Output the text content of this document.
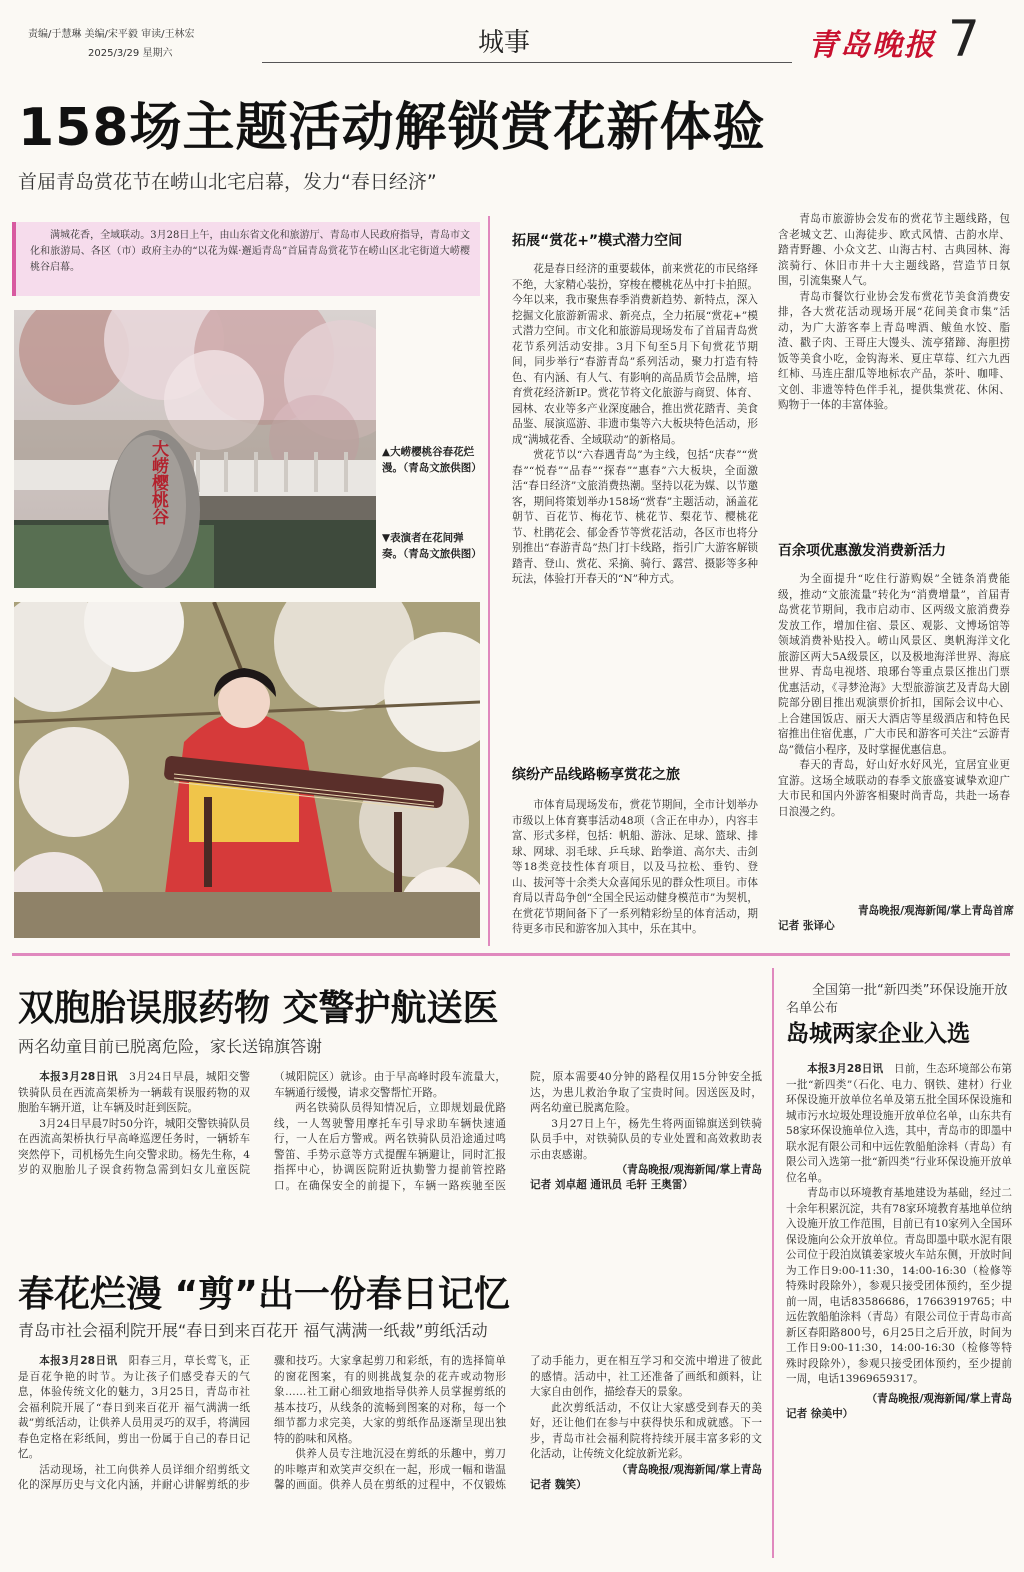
责编/于慧琳 美编/宋平毅 审读/王林宏
2025/3/29 星期六	城事	青岛晚报 7
158场主题活动解锁赏花新体验
首届青岛赏花节在崂山北宅启幕，发力“春日经济”
满城花香，全域联动。3月28日上午，由山东省文化和旅游厅、青岛市人民政府指导，青岛市文化和旅游局、各区（市）政府主办的“以花为媒·邂逅青岛”首届青岛赏花节在崂山区北宅街道大崂樱桃谷启幕。
大崂樱桃谷	▲大崂樱桃谷春花烂漫。（青岛文旅供图）
▼表演者在花间弹奏。（青岛文旅供图）
拓展“赏花+”模式潜力空间

花是春日经济的重要载体，前来赏花的市民络绎不绝，大家精心装扮，穿梭在樱桃花丛中打卡拍照。今年以来，我市聚焦春季消费新趋势、新特点，深入挖掘文化旅游新需求、新亮点，全力拓展“赏花+”模式潜力空间。市文化和旅游局现场发布了首届青岛赏花节系列活动安排。3月下旬至5月下旬赏花节期间，同步举行“春游青岛”系列活动，聚力打造有特色、有内涵、有人气、有影响的高品质节会品牌，培育赏花经济新IP。赏花节将文化旅游与商贸、体育、园林、农业等多产业深度融合，推出赏花踏青、美食品鉴、展演巡游、非遗市集等六大板块特色活动，形成“满城花香、全域联动”的新格局。

赏花节以“六春遇青岛”为主线，包括“庆春”“赏春”“悦春”“品春”“探春”“惠春”六大板块，全面激活“春日经济”文旅消费热潮。坚持以花为媒、以节邀客，期间将策划举办158场“赏春”主题活动，涵盖花朝节、百花节、梅花节、桃花节、梨花节、樱桃花节、杜鹃花会、郁金香节等赏花活动，各区市也将分别推出“春游青岛”热门打卡线路，指引广大游客解锁踏青、登山、赏花、采摘、骑行、露营、摄影等多种玩法，体验打开春天的“N”种方式。

缤纷产品线路畅享赏花之旅

市体育局现场发布，赏花节期间，全市计划举办市级以上体育赛事活动48项（含正在申办），内容丰富、形式多样，包括：帆船、游泳、足球、篮球、排球、网球、羽毛球、乒乓球、跆拳道、高尔夫、击剑等18类竞技性体育项目，以及马拉松、垂钓、登山、拔河等十余类大众喜闻乐见的群众性项目。市体育局以青岛争创“全国全民运动健身模范市”为契机，在赏花节期间备下了一系列精彩纷呈的体育活动，期待更多市民和游客加入其中，乐在其中。

青岛市旅游协会发布的赏花节主题线路，包含老城文艺、山海徒步、欧式风情、古韵水岸、踏青野趣、小众文艺、山海古村、古典园林、海滨骑行、休旧市井十大主题线路，营造节日氛围，引流集聚人气。

青岛市餐饮行业协会发布赏花节美食消费安排，各大赏花活动现场开展“花间美食市集”活动，为广大游客奉上青岛啤酒、鲅鱼水饺、脂渣、戳子肉、王哥庄大馒头、流亭猪蹄、海胆捞饭等美食小吃，金钩海米、夏庄草莓、红六九西红柿、马连庄甜瓜等地标农产品，茶叶、咖啡、文创、非遗等特色伴手礼，提供集赏花、休闲、购物于一体的丰富体验。

百余项优惠激发消费新活力

为全面提升“吃住行游购娱”全链条消费能级，推动“文旅流量”转化为“消费增量”，首届青岛赏花节期间，我市启动市、区两级文旅消费券发放工作，增加住宿、景区、观影、文博场馆等领域消费补贴投入。崂山风景区、奥帆海洋文化旅游区两大5A级景区，以及极地海洋世界、海底世界、青岛电视塔、琅琊台等重点景区推出门票优惠活动，《寻梦沧海》大型旅游演艺及青岛大剧院部分剧目推出观演票价折扣，国际会议中心、上合建国饭店、丽天大酒店等星级酒店和特色民宿推出住宿优惠，广大市民和游客可关注“云游青岛”微信小程序，及时掌握优惠信息。

春天的青岛，好山好水好风光，宜居宜业更宜游。这场全域联动的春季文旅盛宴诚挚欢迎广大市民和国内外游客相聚时尚青岛，共赴一场春日浪漫之约。

青岛晚报/观海新闻/掌上青岛首席
记者 张译心
双胞胎误服药物 交警护航送医
两名幼童目前已脱离危险，家长送锦旗答谢

本报3月28日讯　 3月24日早晨，城阳交警铁骑队员在西流高架桥为一辆载有误服药物的双胞胎车辆开道，让车辆及时赶到医院。

3月24日早晨7时50分许，城阳交警铁骑队员在西流高架桥执行早高峰巡逻任务时，一辆轿车突然停下，司机杨先生向交警求助。杨先生称，4岁的双胞胎儿子误食药物急需到妇女儿童医院（城阳院区）就诊。由于早高峰时段车流量大，车辆通行缓慢，请求交警帮忙开路。

两名铁骑队员得知情况后，立即规划最优路线，一人驾驶警用摩托车引导求助车辆快速通行，一人在后方警戒。两名铁骑队员沿途通过鸣警笛、手势示意等方式提醒车辆避让，同时汇报指挥中心，协调医院附近执勤警力提前管控路口。在确保安全的前提下，车辆一路疾驰至医院，原本需要40分钟的路程仅用15分钟安全抵达，为患儿救治争取了宝贵时间。因送医及时，两名幼童已脱离危险。

3月27日上午，杨先生将两面锦旗送到铁骑队员手中，对铁骑队员的专业处置和高效救助表示由衷感谢。

（青岛晚报/观海新闻/掌上青岛
记者 刘卓超 通讯员 毛轩 王奥雷）
春花烂漫 “剪”出一份春日记忆
青岛市社会福利院开展“春日到来百花开 福气满满一纸裁”剪纸活动

本报3月28日讯　 阳春三月，草长莺飞，正是百花争艳的时节。为让孩子们感受春天的气息，体验传统文化的魅力，3月25日，青岛市社会福利院开展了“春日到来百花开 福气满满一纸裁”剪纸活动，让供养人员用灵巧的双手，将满园春色定格在彩纸间，剪出一份属于自己的春日记忆。

活动现场，社工向供养人员详细介绍剪纸文化的深厚历史与文化内涵，并耐心讲解剪纸的步骤和技巧。大家拿起剪刀和彩纸，有的选择简单的窗花图案，有的则挑战复杂的花卉或动物形象……社工耐心细致地指导供养人员掌握剪纸的基本技巧，从线条的流畅到图案的对称，每一个细节都力求完美，大家的剪纸作品逐渐呈现出独特的韵味和风格。

供养人员专注地沉浸在剪纸的乐趣中，剪刀的咔嚓声和欢笑声交织在一起，形成一幅和谐温馨的画面。供养人员在剪纸的过程中，不仅锻炼了动手能力，更在相互学习和交流中增进了彼此的感情。活动中，社工还准备了画纸和颜料，让大家自由创作，描绘春天的景象。

此次剪纸活动，不仅让大家感受到春天的美好，还让他们在参与中获得快乐和成就感。下一步，青岛市社会福利院将持续开展丰富多彩的文化活动，让传统文化绽放新光彩。

（青岛晚报/观海新闻/掌上青岛
记者 魏笑）
全国第一批“新四类”环保设施开放名单公布
岛城两家企业入选

本报3月28日讯　 日前，生态环境部公布第一批“新四类”（石化、电力、钢铁、建材）行业环保设施开放单位名单及第五批全国环保设施和城市污水垃圾处理设施开放单位名单，山东共有58家环保设施单位入选，其中，青岛市的即墨中联水泥有限公司和中远佐敦船舶涂料（青岛）有限公司入选第一批“新四类”行业环保设施开放单位名单。

青岛市以环境教育基地建设为基础，经过二十余年积累沉淀，共有78家环境教育基地单位纳入设施开放工作范围，目前已有10家列入全国环保设施向公众开放单位。青岛即墨中联水泥有限公司位于段泊岚镇姜家坡火车站东侧，开放时间为工作日9:00-11:30，14:00-16:30（检修等特殊时段除外），参观只接受团体预约，至少提前一周，电话83586686，17663919765；中远佐敦船舶涂料（青岛）有限公司位于青岛市高新区春阳路800号，6月25日之后开放，时间为工作日9:00-11:30，14:00-16:30（检修等特殊时段除外），参观只接受团体预约，至少提前一周，电话13969659317。

（青岛晚报/观海新闻/掌上青岛
记者 徐美中）
